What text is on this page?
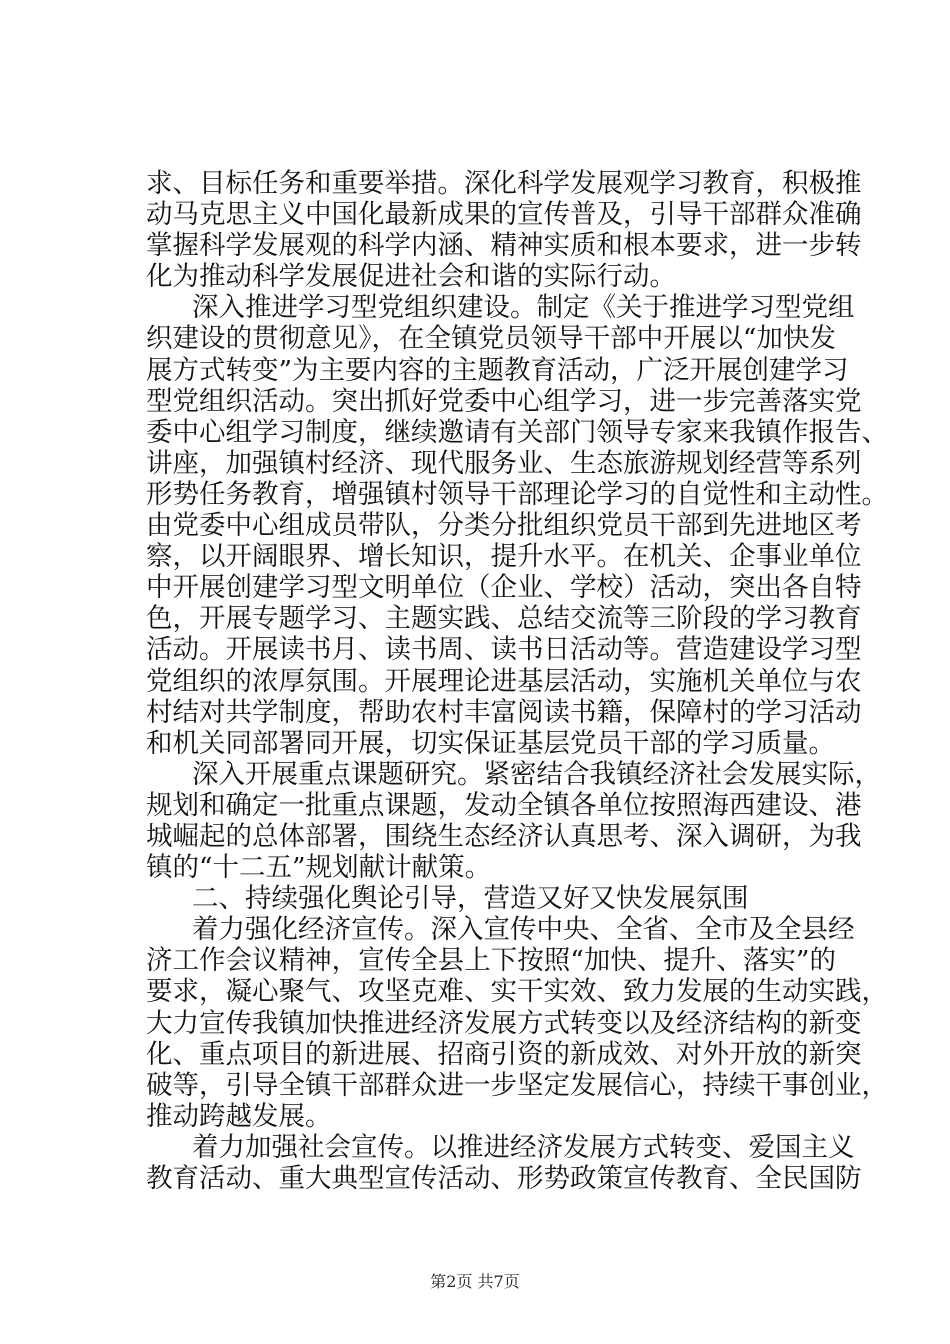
求、目标任务和重要举措。深化科学发展观学习教育，积极推
动马克思主义中国化最新成果的宣传普及，引导干部群众准确
掌握科学发展观的科学内涵、精神实质和根本要求，进一步转
化为推动科学发展促进社会和谐的实际行动。
深入推进学习型党组织建设。制定《关于推进学习型党组
织建设的贯彻意见》，在全镇党员领导干部中开展以“加快发
展方式转变”为主要内容的主题教育活动，广泛开展创建学习
型党组织活动。突出抓好党委中心组学习，进一步完善落实党
委中心组学习制度，继续邀请有关部门领导专家来我镇作报告、
讲座，加强镇村经济、现代服务业、生态旅游规划经营等系列
形势任务教育，增强镇村领导干部理论学习的自觉性和主动性。
由党委中心组成员带队，分类分批组织党员干部到先进地区考
察，以开阔眼界、增长知识，提升水平。在机关、企事业单位
中开展创建学习型文明单位（企业、学校）活动，突出各自特
色，开展专题学习、主题实践、总结交流等三阶段的学习教育
活动。开展读书月、读书周、读书日活动等。营造建设学习型
党组织的浓厚氛围。开展理论进基层活动，实施机关单位与农
村结对共学制度，帮助农村丰富阅读书籍，保障村的学习活动
和机关同部署同开展，切实保证基层党员干部的学习质量。
深入开展重点课题研究。紧密结合我镇经济社会发展实际，
规划和确定一批重点课题，发动全镇各单位按照海西建设、港
城崛起的总体部署，围绕生态经济认真思考、深入调研，为我
镇的“十二五”规划献计献策。
二、持续强化舆论引导，营造又好又快发展氛围
着力强化经济宣传。深入宣传中央、全省、全市及全县经
济工作会议精神，宣传全县上下按照“加快、提升、落实”的
要求，凝心聚气、攻坚克难、实干实效、致力发展的生动实践，
大力宣传我镇加快推进经济发展方式转变以及经济结构的新变
化、重点项目的新进展、招商引资的新成效、对外开放的新突
破等，引导全镇干部群众进一步坚定发展信心，持续干事创业，
推动跨越发展。
着力加强社会宣传。以推进经济发展方式转变、爱国主义
教育活动、重大典型宣传活动、形势政策宣传教育、全民国防
第2页 共7页
